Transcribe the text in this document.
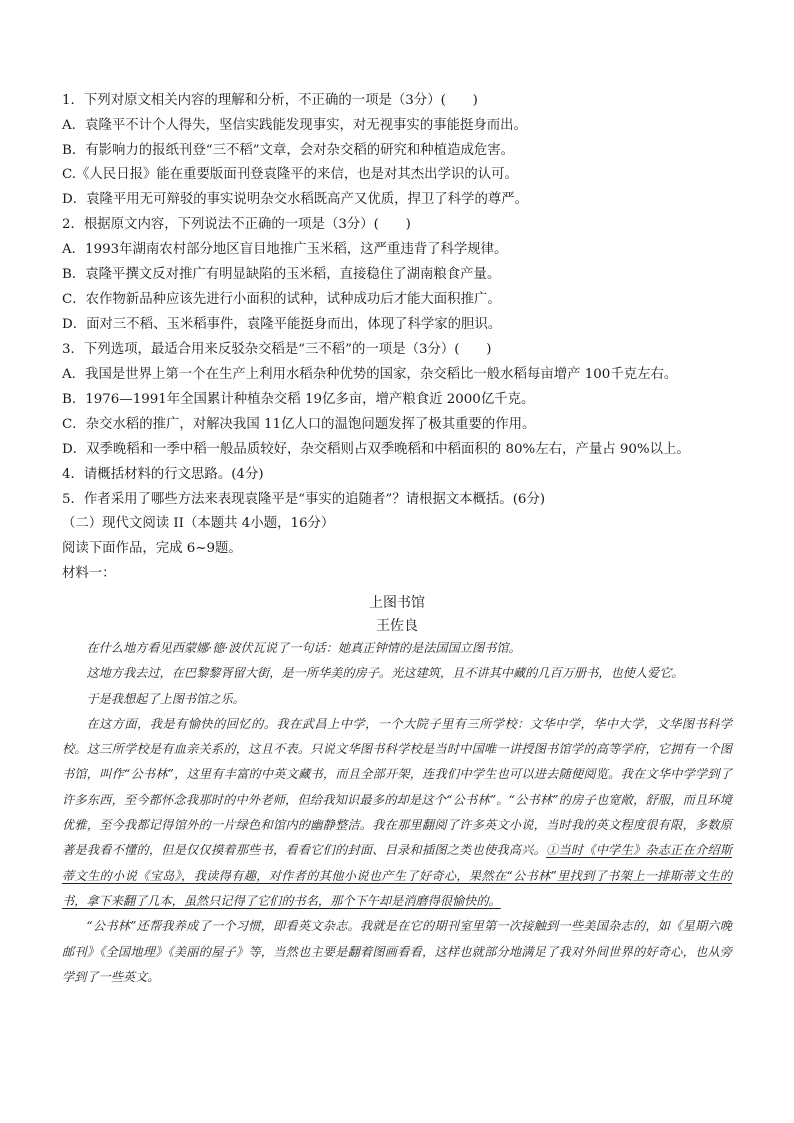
1．下列对原文相关内容的理解和分析，不正确的一项是（3分）(　　)
A．袁隆平不计个人得失，坚信实践能发现事实，对无视事实的事能挺身而出。
B．有影响力的报纸刊登“三不稻”文章，会对杂交稻的研究和种植造成危害。
C.《人民日报》能在重要版面刊登袁隆平的来信，也是对其杰出学识的认可。
D．袁隆平用无可辩驳的事实说明杂交水稻既高产又优质，捍卫了科学的尊严。
2．根据原文内容，下列说法不正确的一项是（3分）(　　)
A．1993年湖南农村部分地区盲目地推广玉米稻，这严重违背了科学规律。
B．袁隆平撰文反对推广有明显缺陷的玉米稻，直接稳住了湖南粮食产量。
C．农作物新品种应该先进行小面积的试种，试种成功后才能大面积推广。
D．面对三不稻、玉米稻事件，袁隆平能挺身而出，体现了科学家的胆识。
3．下列选项，最适合用来反驳杂交稻是“三不稻”的一项是（3分）(　　)
A．我国是世界上第一个在生产上利用水稻杂种优势的国家，杂交稻比一般水稻每亩增产 100千克左右。
B．1976—1991年全国累计种植杂交稻 19亿多亩，增产粮食近 2000亿千克。
C．杂交水稻的推广，对解决我国 11亿人口的温饱问题发挥了极其重要的作用。
D．双季晚稻和一季中稻一般品质较好，杂交稻则占双季晚稻和中稻面积的 80%左右，产量占 90%以上。
4．请概括材料的行文思路。(4分)
5．作者采用了哪些方法来表现袁隆平是“事实的追随者”？请根据文本概括。(6分)
（二）现代文阅读 II（本题共 4小题，16分）
阅读下面作品，完成 6~9题。
材料一：
上图书馆
王佐良

在什么地方看见西蒙娜·德·波伏瓦说了一句话：她真正钟情的是法国国立图书馆。

这地方我去过，在巴黎黎胥留大街，是一所华美的房子。光这建筑，且不讲其中藏的几百万册书，也使人爱它。

于是我想起了上图书馆之乐。

在这方面，我是有愉快的回忆的。我在武昌上中学，一个大院子里有三所学校：文华中学，华中大学，文华图书科学校。这三所学校是有血亲关系的，这且不表。只说文华图书科学校是当时中国唯一讲授图书馆学的高等学府，它拥有一个图书馆，叫作“公书林”，这里有丰富的中英文藏书，而且全部开架，连我们中学生也可以进去随便阅览。我在文华中学学到了许多东西，至今都怀念我那时的中外老师，但给我知识最多的却是这个“公书林”。“公书林”的房子也宽敞，舒服，而且环境优雅，至今我都记得馆外的一片绿色和馆内的幽静整洁。我在那里翻阅了许多英文小说，当时我的英文程度很有限，多数原著是我看不懂的，但是仅仅摸着那些书，看看它们的封面、目录和插图之类也使我高兴。①当时《中学生》杂志正在介绍斯蒂文生的小说《宝岛》，我读得有趣，对作者的其他小说也产生了好奇心，果然在“公书林”里找到了书架上一排斯蒂文生的书，拿下来翻了几本，虽然只记得了它们的书名，那个下午却是消磨得很愉快的。

“公书林”还帮我养成了一个习惯，即看英文杂志。我就是在它的期刊室里第一次接触到一些美国杂志的，如《星期六晚邮刊》《全国地理》《美丽的屋子》等，当然也主要是翻着图画看看，这样也就部分地满足了我对外间世界的好奇心，也从旁学到了一些英文。
